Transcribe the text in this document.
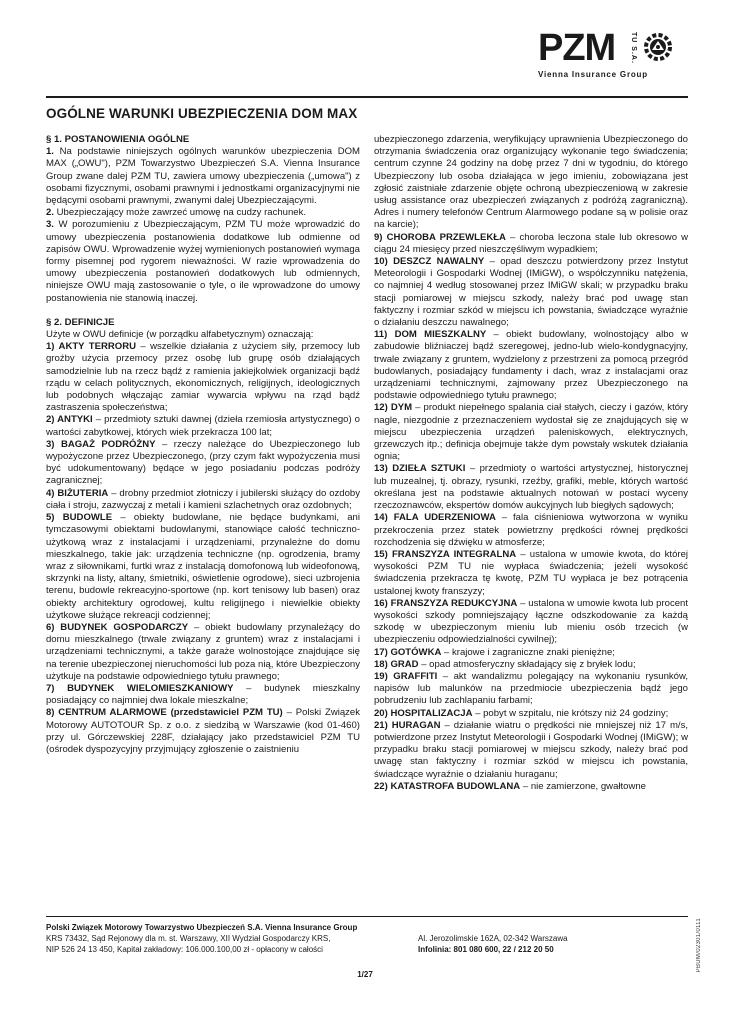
PZM TU S.A.
Vienna Insurance Group
OGÓLNE WARUNKI UBEZPIECZENIA DOM MAX

§ 1. POSTANOWIENIA OGÓLNE

1. Na podstawie niniejszych ogólnych warunków ubezpieczenia DOM MAX („OWU"), PZM Towarzystwo Ubezpieczeń S.A. Vienna Insurance Group zwane dalej PZM TU, zawiera umowy ubezpieczenia („umowa") z osobami fizycznymi, osobami prawnymi i jednostkami organizacyjnymi nie będącymi osobami prawnymi, zwanymi dalej Ubezpieczającymi.

2. Ubezpieczający może zawrzeć umowę na cudzy rachunek.

3. W porozumieniu z Ubezpieczającym, PZM TU może wprowadzić do umowy ubezpieczenia postanowienia dodatkowe lub odmienne od zapisów OWU. Wprowadzenie wyżej wymienionych postanowień wymaga formy pisemnej pod rygorem nieważności. W razie wprowadzenia do umowy ubezpieczenia postanowień dodatkowych lub odmiennych, niniejsze OWU mają zastosowanie o tyle, o ile wprowadzone do umowy postanowienia nie stanowią inaczej.

§ 2. DEFINICJE

Użyte w OWU definicje (w porządku alfabetycznym) oznaczają:

1) AKTY TERRORU – wszelkie działania z użyciem siły, przemocy lub groźby użycia przemocy przez osobę lub grupę osób działających samodzielnie lub na rzecz bądź z ramienia jakiejkolwiek organizacji bądź rządu w celach politycznych, ekonomicznych, religijnych, ideologicznych lub podobnych włączając zamiar wywarcia wpływu na rząd bądź zastraszenia społeczeństwa;

2) ANTYKI – przedmioty sztuki dawnej (dzieła rzemiosła artystycznego) o wartości zabytkowej, których wiek przekracza 100 lat;

3) BAGAŻ PODRÓŻNY – rzeczy należące do Ubezpieczonego lub wypożyczone przez Ubezpieczonego, (przy czym fakt wypożyczenia musi być udokumentowany) będące w jego posiadaniu podczas podróży zagranicznej;

4) BIŻUTERIA – drobny przedmiot złotniczy i jubilerski służący do ozdoby ciała i stroju, zazwyczaj z metali i kamieni szlachetnych oraz ozdobnych;

5) BUDOWLE – obiekty budowlane, nie będące budynkami, ani tymczasowymi obiektami budowlanymi, stanowiące całość techniczno-użytkową wraz z instalacjami i urządzeniami, przynależne do domu mieszkalnego, takie jak: urządzenia techniczne (np. ogrodzenia, bramy wraz z siłownikami, furtki wraz z instalacją domofonową lub wideofonową, skrzynki na listy, altany, śmietniki, oświetlenie ogrodowe), sieci uzbrojenia terenu, budowle rekreacyjno-sportowe (np. kort tenisowy lub basen) oraz obiekty architektury ogrodowej, kultu religijnego i niewielkie obiekty użytkowe służące rekreacji codziennej;

6) BUDYNEK GOSPODARCZY – obiekt budowlany przynależący do domu mieszkalnego (trwale związany z gruntem) wraz z instalacjami i urządzeniami technicznymi, a także garaże wolnostojące znajdujące się na terenie ubezpieczonej nieruchomości lub poza nią, które Ubezpieczony użytkuje na podstawie odpowiedniego tytułu prawnego;

7) BUDYNEK WIELOMIESZKANIOWY – budynek mieszkalny posiadający co najmniej dwa lokale mieszkalne;

8) CENTRUM ALARMOWE (przedstawiciel PZM TU) – Polski Związek Motorowy AUTOTOUR Sp. z o.o. z siedzibą w Warszawie (kod 01-460) przy ul. Górczewskiej 228F, działający jako przedstawiciel PZM TU (ośrodek dyspozycyjny przyjmujący zgłoszenie o zaistnieniu

ubezpieczonego zdarzenia, weryfikujący uprawnienia Ubezpieczonego do otrzymania świadczenia oraz organizujący wykonanie tego świadczenia; centrum czynne 24 godziny na dobę przez 7 dni w tygodniu, do którego Ubezpieczony lub osoba działająca w jego imieniu, zobowiązana jest zgłosić zaistniałe zdarzenie objęte ochroną ubezpieczeniową w zakresie usług assistance oraz ubezpieczeń związanych z podróżą zagraniczną). Adres i numery telefonów Centrum Alarmowego podane są w polisie oraz na karcie);

9) CHOROBA PRZEWLEKŁA – choroba leczona stale lub okresowo w ciągu 24 miesięcy przed nieszczęśliwym wypadkiem;

10) DESZCZ NAWALNY – opad deszczu potwierdzony przez Instytut Meteorologii i Gospodarki Wodnej (IMiGW), o współczynniku natężenia, co najmniej 4 według stosowanej przez IMiGW skali; w przypadku braku stacji pomiarowej w miejscu szkody, należy brać pod uwagę stan faktyczny i rozmiar szkód w miejscu ich powstania, świadczące wyraźnie o działaniu deszczu nawalnego;

11) DOM MIESZKALNY – obiekt budowlany, wolnostojący albo w zabudowie bliźniaczej bądź szeregowej, jedno-lub wielo-kondygnacyjny, trwale związany z gruntem, wydzielony z przestrzeni za pomocą przegród budowlanych, posiadający fundamenty i dach, wraz z instalacjami oraz urządzeniami technicznymi, zajmowany przez Ubezpieczonego na podstawie odpowiedniego tytułu prawnego;

12) DYM – produkt niepełnego spalania ciał stałych, cieczy i gazów, który nagle, niezgodnie z przeznaczeniem wydostał się ze znajdujących się w miejscu ubezpieczenia urządzeń paleniskowych, elektrycznych, grzewczych itp.; definicja obejmuje także dym powstały wskutek działania ognia;

13) DZIEŁA SZTUKI – przedmioty o wartości artystycznej, historycznej lub muzealnej, tj. obrazy, rysunki, rzeźby, grafiki, meble, których wartość określana jest na podstawie aktualnych notowań w postaci wyceny rzeczoznawców, ekspertów domów aukcyjnych lub biegłych sądowych;

14) FALA UDERZENIOWA – fala ciśnieniowa wytworzona w wyniku przekroczenia przez statek powietrzny prędkości równej prędkości rozchodzenia się dźwięku w atmosferze;

15) FRANSZYZA INTEGRALNA – ustalona w umowie kwota, do której wysokości PZM TU nie wypłaca świadczenia; jeżeli wysokość świadczenia przekracza tę kwotę, PZM TU wypłaca je bez potrącenia ustalonej kwoty franszyzy;

16) FRANSZYZA REDUKCYJNA – ustalona w umowie kwota lub procent wysokości szkody pomniejszający łączne odszkodowanie za każdą szkodę w ubezpieczonym mieniu lub mieniu osób trzecich (w ubezpieczeniu odpowiedzialności cywilnej);

17) GOTÓWKA – krajowe i zagraniczne znaki pieniężne;

18) GRAD – opad atmosferyczny składający się z bryłek lodu;

19) GRAFFITI – akt wandalizmu polegający na wykonaniu rysunków, napisów lub malunków na przedmiocie ubezpieczenia bądź jego pobrudzeniu lub zachlapaniu farbami;

20) HOSPITALIZACJA – pobyt w szpitalu, nie krótszy niż 24 godziny;

21) HURAGAN – działanie wiatru o prędkości nie mniejszej niż 17 m/s, potwierdzone przez Instytut Meteorologii i Gospodarki Wodnej (IMiGW); w przypadku braku stacji pomiarowej w miejscu szkody, należy brać pod uwagę stan faktyczny i rozmiar szkód w miejscu ich powstania, świadczące wyraźnie o działaniu huraganu;

22) KATASTROFA BUDOWLANA – nie zamierzone, gwałtowne

Polski Związek Motorowy Towarzystwo Ubezpieczeń S.A. Vienna Insurance Group
KRS 73432, Sąd Rejonowy dla m. st. Warszawy, XII Wydział Gospodarczy KRS,
NIP 526 24 13 450, Kapitał zakładowy: 106.000.100,00 zł - opłacony w całości

Al. Jerozolimskie 162A, 02-342 Warszawa
Infolinia: 801 080 600, 22 / 212 20 50
1/27
PBUM/02301/0111
